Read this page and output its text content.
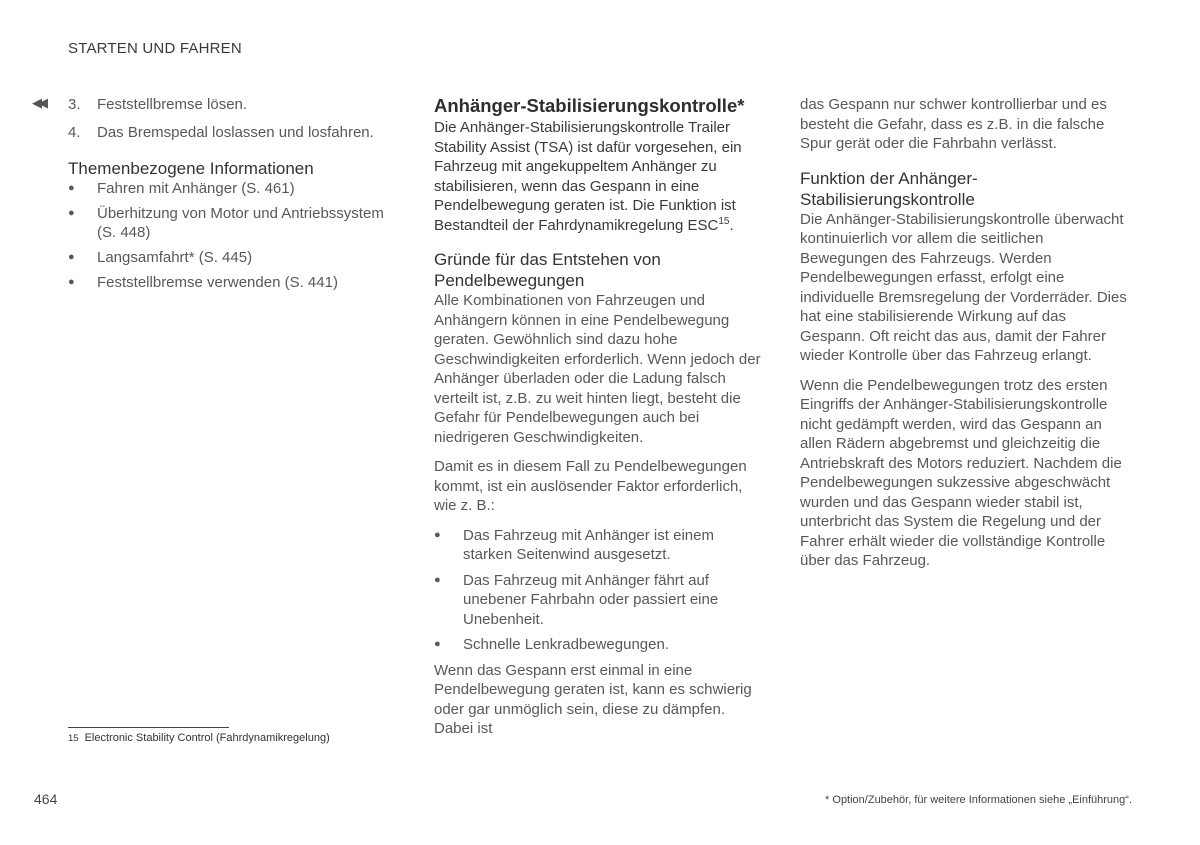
STARTEN UND FAHREN
◀◀ 3.	Feststellbremse lösen.
4.	Das Bremspedal loslassen und losfahren.
Themenbezogene Informationen
●	Fahren mit Anhänger (S. 461)
●	Überhitzung von Motor und Antriebssystem (S. 448)
●	Langsamfahrt* (S. 445)
●	Feststellbremse verwenden (S. 441)
Anhänger-Stabilisierungskontrolle*

Die Anhänger-Stabilisierungskontrolle Trailer Stability Assist (TSA) ist dafür vorgesehen, ein Fahrzeug mit angekuppeltem Anhänger zu stabilisieren, wenn das Gespann in eine Pendelbewegung geraten ist. Die Funktion ist Bestandteil der Fahrdynamikregelung ESC$^{15}$.

Gründe für das Entstehen von
Pendelbewegungen

Alle Kombinationen von Fahrzeugen und Anhängern können in eine Pendelbewegung geraten. Gewöhnlich sind dazu hohe Geschwindigkeiten erforderlich. Wenn jedoch der Anhänger überladen oder die Ladung falsch verteilt ist, z.B. zu weit hinten liegt, besteht die Gefahr für Pendelbewegungen auch bei niedrigeren Geschwindigkeiten.

Damit es in diesem Fall zu Pendelbewegungen kommt, ist ein auslösender Faktor erforderlich, wie z. B.:

●	Das Fahrzeug mit Anhänger ist einem starken Seitenwind ausgesetzt.
●	Das Fahrzeug mit Anhänger fährt auf unebener Fahrbahn oder passiert eine Unebenheit.
●	Schnelle Lenkradbewegungen.

Wenn das Gespann erst einmal in eine Pendelbewegung geraten ist, kann es schwierig oder gar unmöglich sein, diese zu dämpfen. Dabei ist

das Gespann nur schwer kontrollierbar und es besteht die Gefahr, dass es z.B. in die falsche Spur gerät oder die Fahrbahn verlässt.

Funktion der Anhänger-
Stabilisierungskontrolle

Die Anhänger-Stabilisierungskontrolle überwacht kontinuierlich vor allem die seitlichen Bewegungen des Fahrzeugs. Werden Pendelbewegungen erfasst, erfolgt eine individuelle Bremsregelung der Vorderräder. Dies hat eine stabilisierende Wirkung auf das Gespann. Oft reicht das aus, damit der Fahrer wieder Kontrolle über das Fahrzeug erlangt.

Wenn die Pendelbewegungen trotz des ersten Eingriffs der Anhänger-Stabilisierungskontrolle nicht gedämpft werden, wird das Gespann an allen Rädern abgebremst und gleichzeitig die Antriebskraft des Motors reduziert. Nachdem die Pendelbewegungen sukzessive abgeschwächt wurden und das Gespann wieder stabil ist, unterbricht das System die Regelung und der Fahrer erhält wieder die vollständige Kontrolle über das Fahrzeug.

15 Electronic Stability Control (Fahrdynamikregelung)
464	* Option/Zubehör, für weitere Informationen siehe „Einführung“.
